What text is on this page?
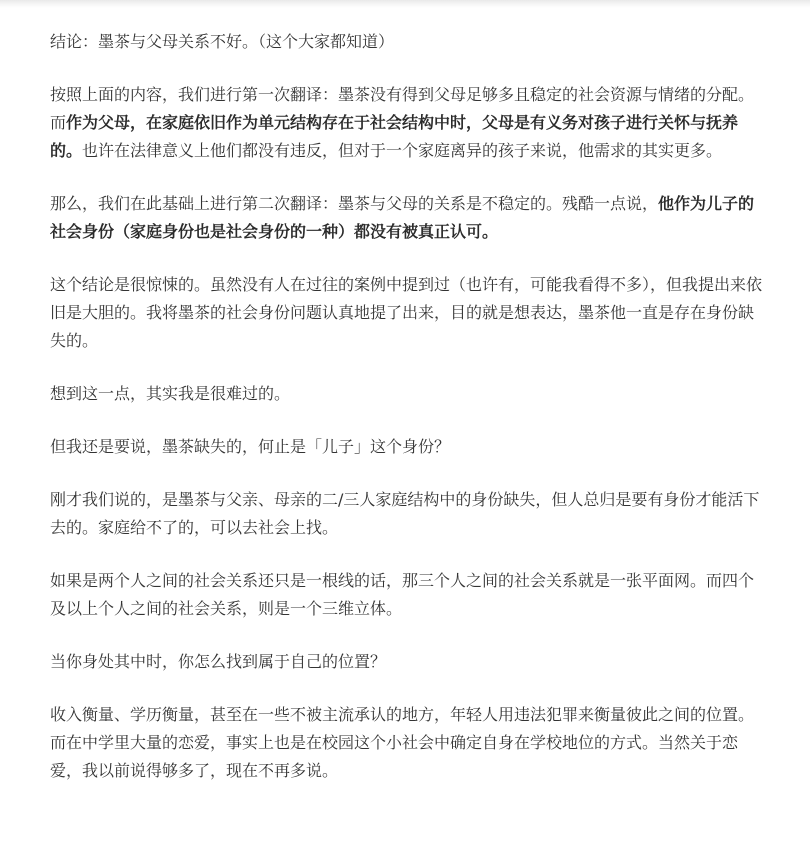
结论：墨茶与父母关系不好。（这个大家都知道）

按照上面的内容，我们进行第一次翻译：墨茶没有得到父母足够多且稳定的社会资源与情绪的分配。而作为父母，在家庭依旧作为单元结构存在于社会结构中时，父母是有义务对孩子进行关怀与抚养的。也许在法律意义上他们都没有违反，但对于一个家庭离异的孩子来说，他需求的其实更多。

那么，我们在此基础上进行第二次翻译：墨茶与父母的关系是不稳定的。残酷一点说，他作为儿子的社会身份（家庭身份也是社会身份的一种）都没有被真正认可。

这个结论是很惊悚的。虽然没有人在过往的案例中提到过（也许有，可能我看得不多），但我提出来依旧是大胆的。我将墨茶的社会身份问题认真地提了出来，目的就是想表达，墨茶他一直是存在身份缺失的。

想到这一点，其实我是很难过的。

但我还是要说，墨茶缺失的，何止是「儿子」这个身份？

刚才我们说的，是墨茶与父亲、母亲的二/三人家庭结构中的身份缺失，但人总归是要有身份才能活下去的。家庭给不了的，可以去社会上找。

如果是两个人之间的社会关系还只是一根线的话，那三个人之间的社会关系就是一张平面网。而四个及以上个人之间的社会关系，则是一个三维立体。

当你身处其中时，你怎么找到属于自己的位置？

收入衡量、学历衡量，甚至在一些不被主流承认的地方，年轻人用违法犯罪来衡量彼此之间的位置。而在中学里大量的恋爱，事实上也是在校园这个小社会中确定自身在学校地位的方式。当然关于恋爱，我以前说得够多了，现在不再多说。
